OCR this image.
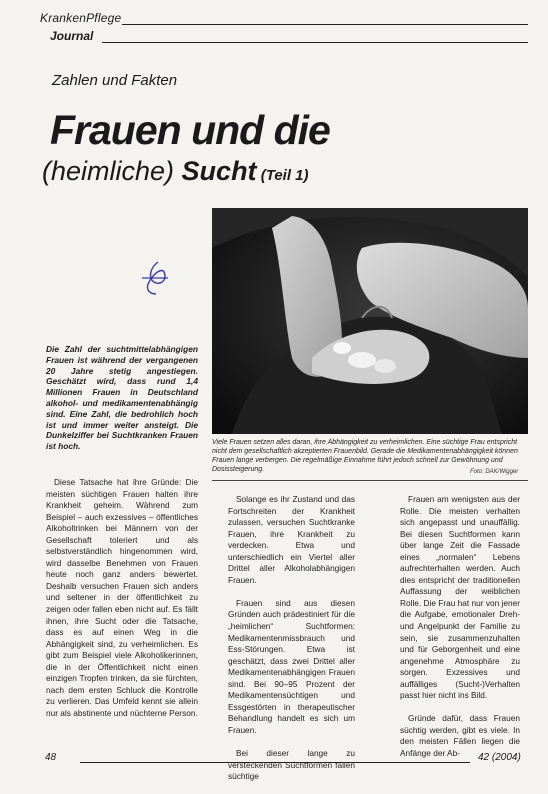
KrankenPflege
Journal
Zahlen und Fakten
Frauen und die
(heimliche) Sucht (Teil 1)
Die Zahl der suchtmittelabhängigen Frauen ist während der vergangenen 20 Jahre stetig angestiegen. Geschätzt wird, dass rund 1,4 Millionen Frauen in Deutschland alkohol- und medikamentenabhängig sind. Eine Zahl, die bedrohlich hoch ist und immer weiter ansteigt. Die Dunkelziffer bei Suchtkranken Frauen ist hoch.	Viele Frauen setzen alles daran, ihre Abhängigkeit zu verheimlichen. Eine süchtige Frau entspricht nicht dem gesellschaftlich akzeptierten Frauenbild. Gerade die Medikamentenabhängigkeit können Frauen lange verbergen. Die regelmäßige Einnahme führt jedoch schnell zur Gewöhnung und Dosissteigerung.	Foto: DAK/Wigger

Diese Tatsache hat ihre Gründe: Die meisten süchtigen Frauen halten ihre Krankheit geheim. Während zum Beispiel – auch exzessives – öffentliches Alkoholtrinken bei Männern von der Gesellschaft toleriert und als selbstverständlich hingenommen wird, wird dasselbe Benehmen von Frauen heute noch ganz anders bewertet. Deshalb versuchen Frauen sich anders und seltener in der öffentlichkeit zu zeigen oder fallen eben nicht auf. Es fällt ihnen, ihre Sucht oder die Tatsache, dass es auf einen Weg in die Abhängigkeit sind, zu verheimlichen. Es gibt zum Beispiel viele Alkoholikerinnen, die in der Öffentlichkeit nicht einen einzigen Tropfen trinken, da sie fürchten, nach dem ersten Schluck die Kontrolle zu verlieren. Das Umfeld kennt sie allein nur als abstinente und nüchterne Person.

Solange es ihr Zustand und das Fortschreiten der Krankheit zulassen, versuchen Suchtkranke Frauen, ihre Krankheit zu verdecken. Etwa und unterschiedlich ein Viertel aller Drittel aller Alkoholabhängigen Frauen.

Frauen sind aus diesen Gründen auch prädestiniert für die „heimlichen“ Suchtformen: Medikamentenmissbrauch und Ess-Störungen. Etwa ist geschätzt, dass zwei Drittel aller Medikamentenabhängigen Frauen sind. Bei 90–95 Prozent der Medikamentensüchtigen und Essgestörten in therapeutischer Behandlung handelt es sich um Frauen.

Bei dieser lange zu versteckenden Suchtformen fallen süchtige

Frauen am wenigsten aus der Rolle. Die meisten verhalten sich angepasst und unauffällig. Bei diesen Suchtformen kann über lange Zeit die Fassade eines „normalen“ Lebens aufrechterhalten werden. Auch dies entspricht der traditionellen Auffassung der weiblichen Rolle. Die Frau hat nur von jener die Aufgabe, emotionaler Dreh- und Angelpunkt der Familie zu sein, sie zusammenzuhalten und für Geborgenheit und eine angenehme Atmosphäre zu sorgen. Exzessives und auffälliges (Sucht-)Verhalten passt hier nicht ins Bild.

Gründe dafür, dass Frauen süchtig werden, gibt es viele. In den meisten Fällen liegen die Anfänge der Ab-

48	42 (2004)
